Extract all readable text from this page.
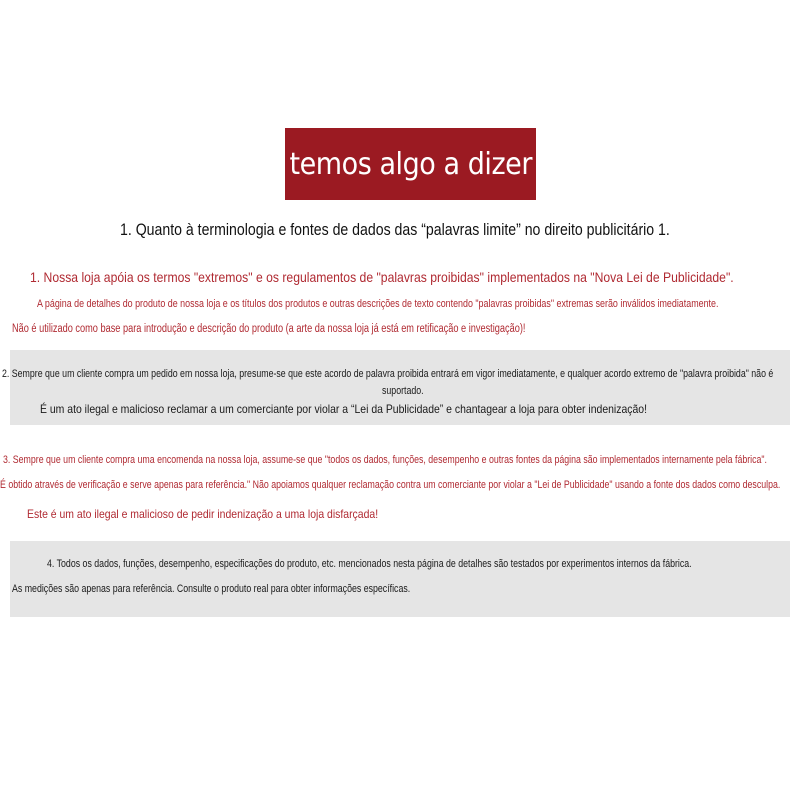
temos algo a dizer
1. Quanto à terminologia e fontes de dados das “palavras limite” no direito publicitário 1.
1. Nossa loja apóia os termos "extremos" e os regulamentos de "palavras proibidas" implementados na "Nova Lei de Publicidade".
A página de detalhes do produto de nossa loja e os títulos dos produtos e outras descrições de texto contendo "palavras proibidas" extremas serão inválidos imediatamente.
Não é utilizado como base para introdução e descrição do produto (a arte da nossa loja já está em retificação e investigação)!
2. Sempre que um cliente compra um pedido em nossa loja, presume-se que este acordo de palavra proibida entrará em vigor imediatamente, e qualquer acordo extremo de "palavra proibida" não é
suportado.
É um ato ilegal e malicioso reclamar a um comerciante por violar a “Lei da Publicidade” e chantagear a loja para obter indenização!
3. Sempre que um cliente compra uma encomenda na nossa loja, assume-se que "todos os dados, funções, desempenho e outras fontes da página são implementados internamente pela fábrica".
É obtido através de verificação e serve apenas para referência." Não apoiamos qualquer reclamação contra um comerciante por violar a "Lei de Publicidade" usando a fonte dos dados como desculpa.
Este é um ato ilegal e malicioso de pedir indenização a uma loja disfarçada!
4. Todos os dados, funções, desempenho, especificações do produto, etc. mencionados nesta página de detalhes são testados por experimentos internos da fábrica.
As medições são apenas para referência. Consulte o produto real para obter informações específicas.
